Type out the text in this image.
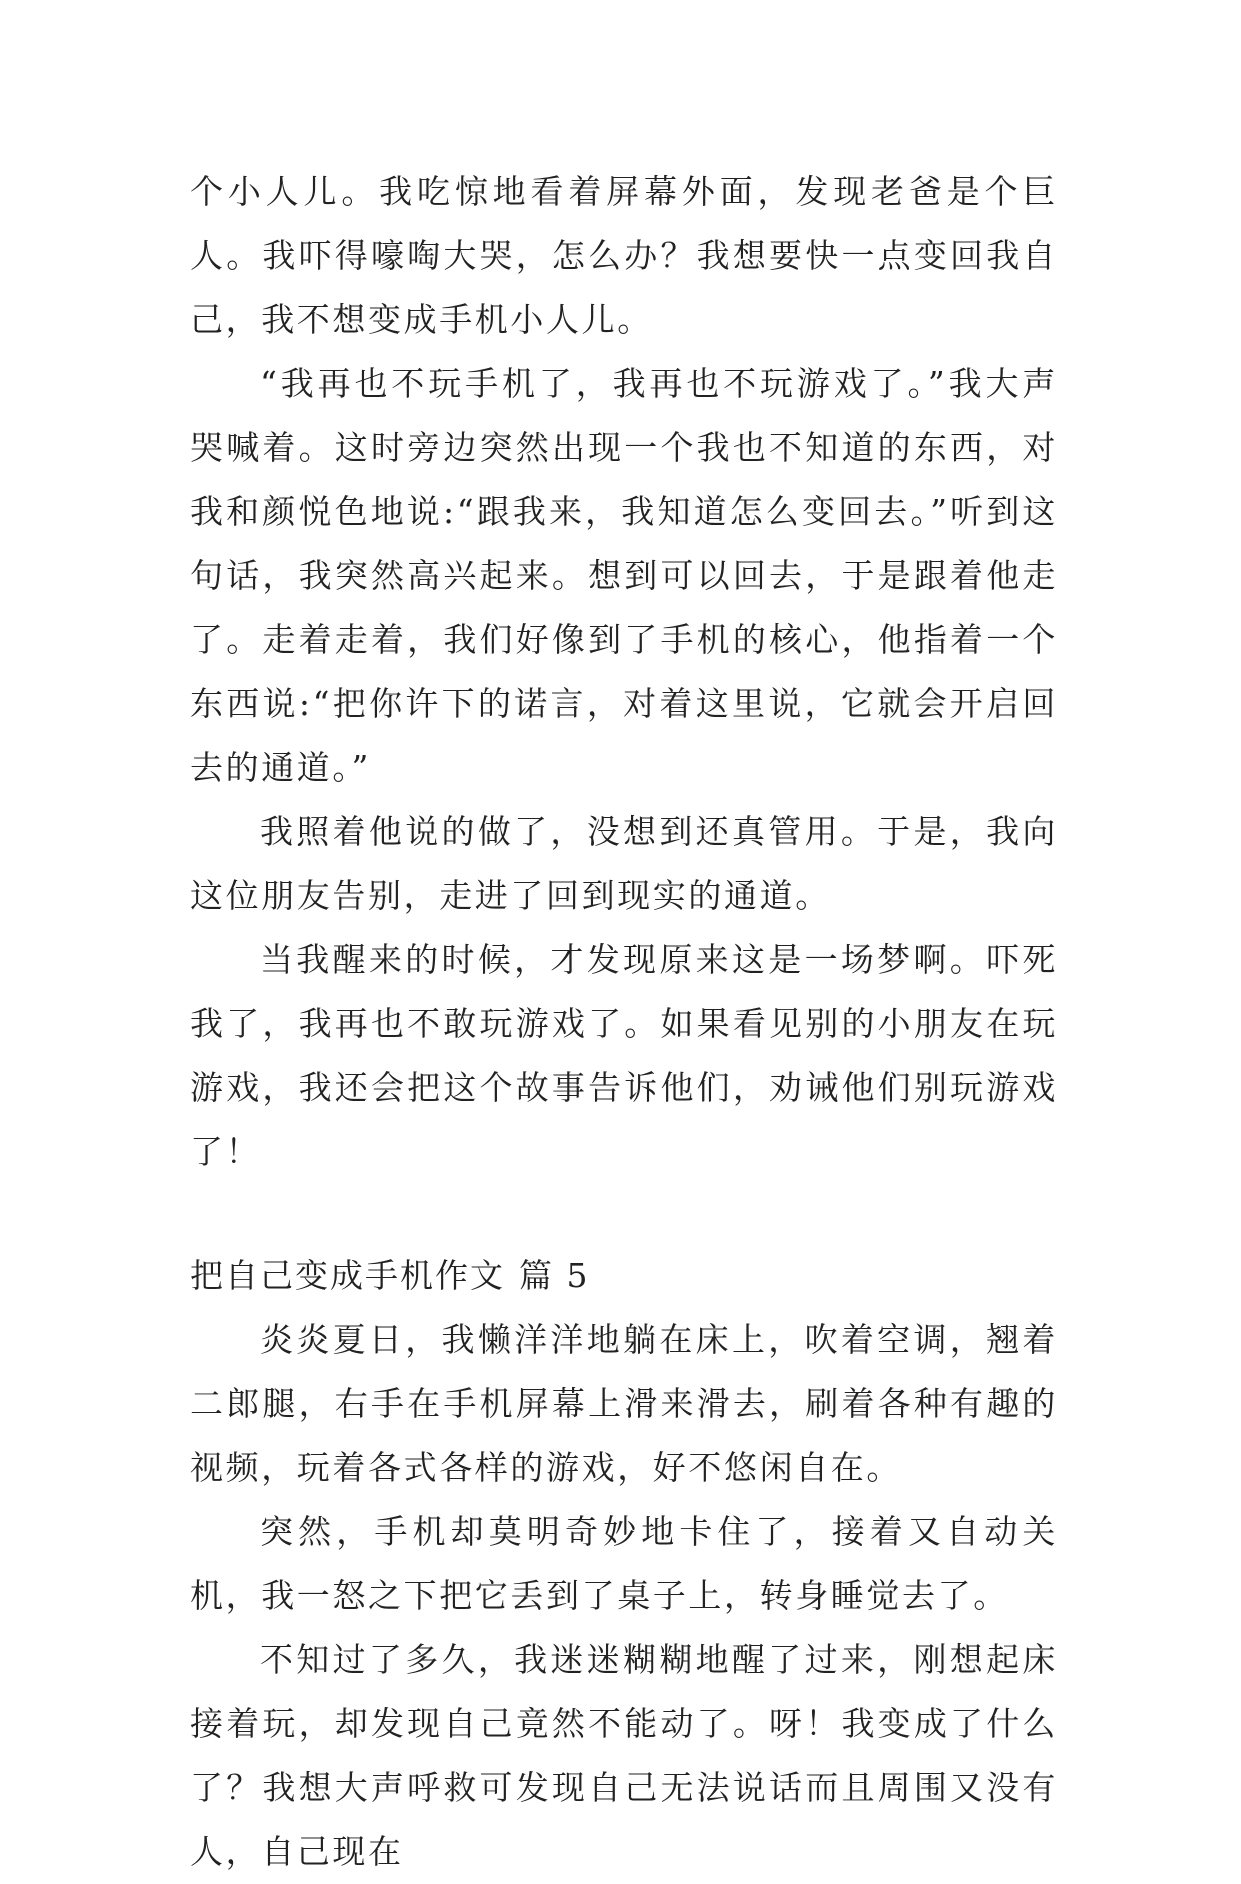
个小人儿。我吃惊地看着屏幕外面，发现老爸是个巨人。我吓得嚎啕大哭，怎么办？我想要快一点变回我自己，我不想变成手机小人儿。

“我再也不玩手机了，我再也不玩游戏了。”我大声哭喊着。这时旁边突然出现一个我也不知道的东西，对我和颜悦色地说:“跟我来，我知道怎么变回去。”听到这句话，我突然高兴起来。想到可以回去，于是跟着他走了。走着走着，我们好像到了手机的核心，他指着一个东西说:“把你许下的诺言，对着这里说，它就会开启回去的通道。”

我照着他说的做了，没想到还真管用。于是，我向这位朋友告别，走进了回到现实的通道。

当我醒来的时候，才发现原来这是一场梦啊。吓死我了，我再也不敢玩游戏了。如果看见别的小朋友在玩游戏，我还会把这个故事告诉他们，劝诫他们别玩游戏了！

把自己变成手机作文 篇 5

炎炎夏日，我懒洋洋地躺在床上，吹着空调，翘着二郎腿，右手在手机屏幕上滑来滑去，刷着各种有趣的视频，玩着各式各样的游戏，好不悠闲自在。

突然，手机却莫明奇妙地卡住了，接着又自动关机，我一怒之下把它丢到了桌子上，转身睡觉去了。

不知过了多久，我迷迷糊糊地醒了过来，刚想起床接着玩，却发现自己竟然不能动了。呀！我变成了什么了？我想大声呼救可发现自己无法说话而且周围又没有人，自己现在
